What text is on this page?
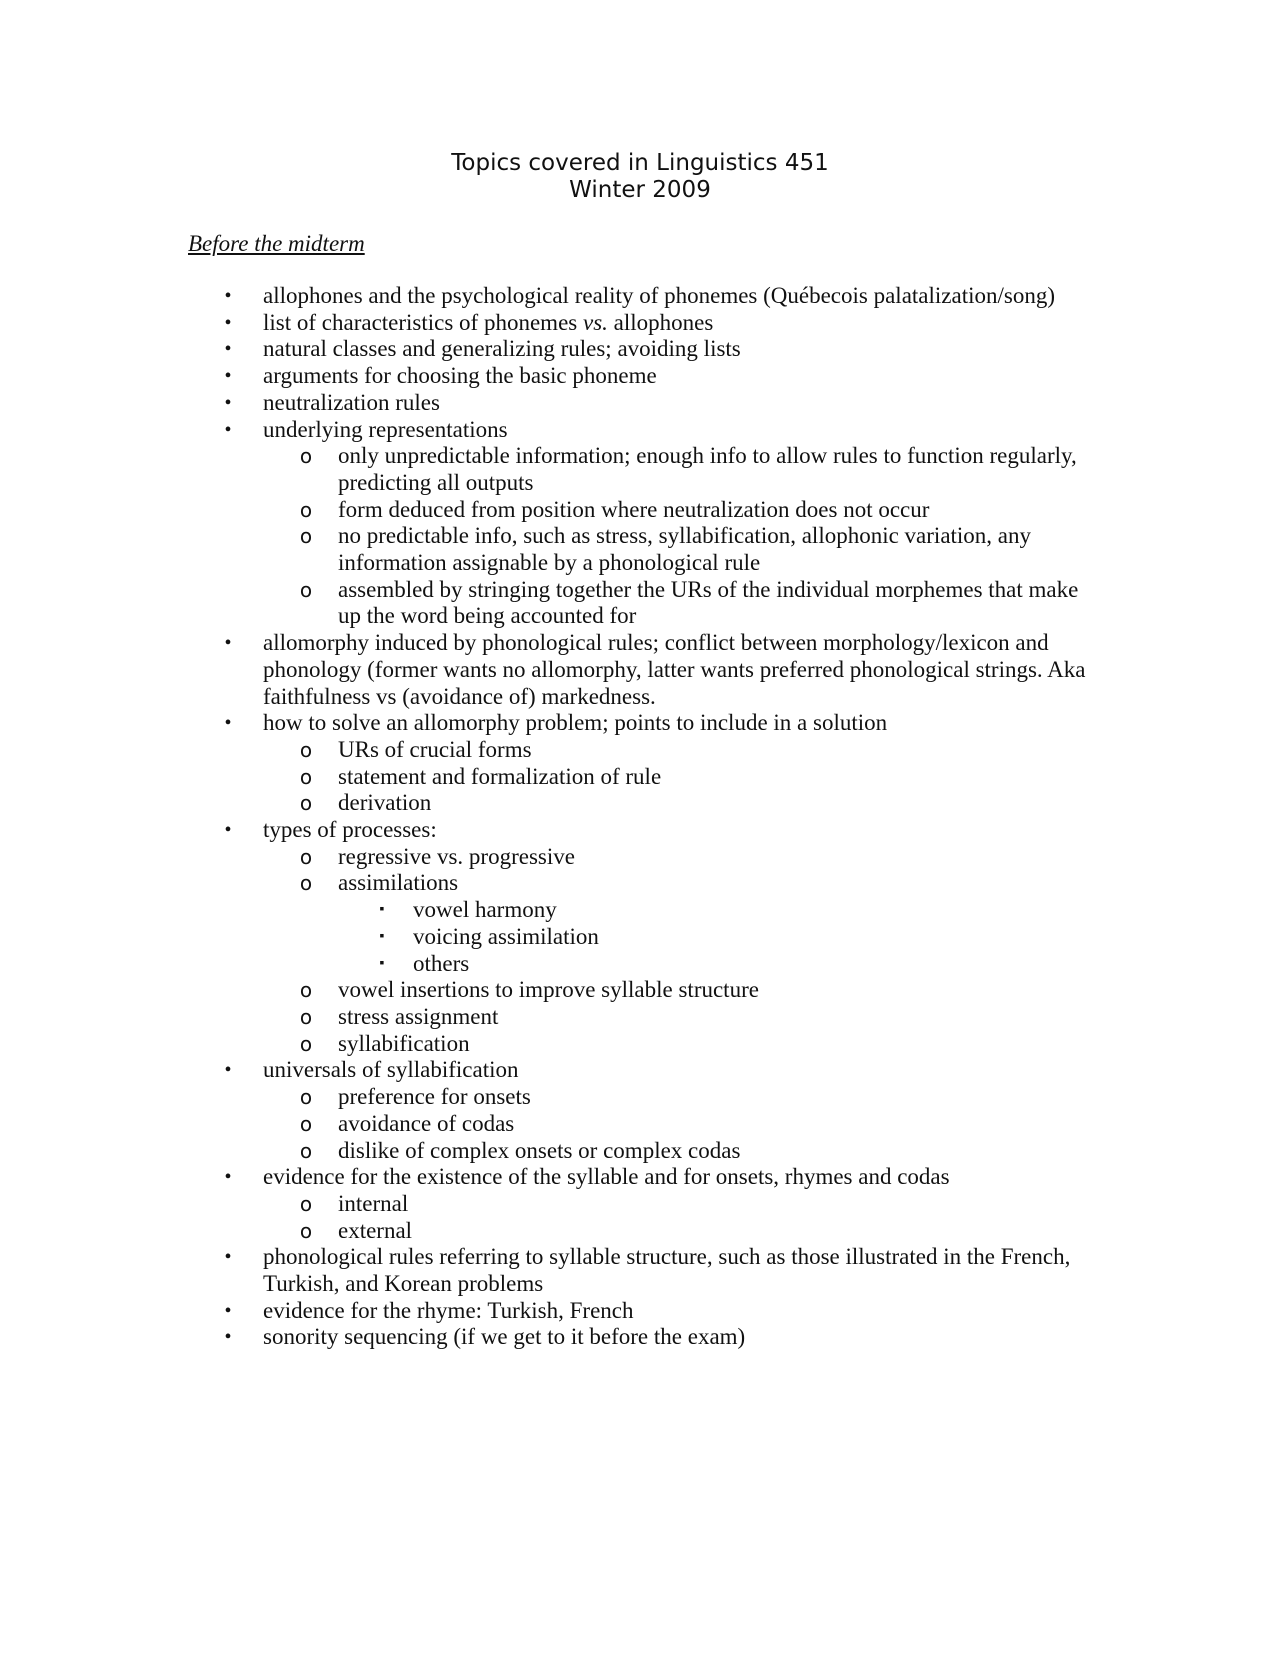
Topics covered in Linguistics 451
Winter 2009
Before the midterm
•	allophones and the psychological reality of phonemes (Québecois palatalization/song)
•	list of characteristics of phonemes vs. allophones
•	natural classes and generalizing rules; avoiding lists
•	arguments for choosing the basic phoneme
•	neutralization rules
•	underlying representations
o only unpredictable information; enough info to allow rules to function regularly, predicting all outputs
o form deduced from position where neutralization does not occur
o no predictable info, such as stress, syllabification, allophonic variation, any information assignable by a phonological rule
o assembled by stringing together the URs of the individual morphemes that make up the word being accounted for
•	allomorphy induced by phonological rules; conflict between morphology/lexicon and phonology (former wants no allomorphy, latter wants preferred phonological strings. Aka faithfulness vs (avoidance of) markedness.
•	how to solve an allomorphy problem; points to include in a solution
o URs of crucial forms
o statement and formalization of rule
o derivation
•	types of processes:
o regressive vs. progressive
o assimilations
▪	vowel harmony
▪	voicing assimilation
▪	others
o vowel insertions to improve syllable structure
o stress assignment
o syllabification
•	universals of syllabification
o preference for onsets
o avoidance of codas
o dislike of complex onsets or complex codas
•	evidence for the existence of the syllable and for onsets, rhymes and codas
o internal
o external
•	phonological rules referring to syllable structure, such as those illustrated in the French, Turkish, and Korean problems
•	evidence for the rhyme: Turkish, French
•	sonority sequencing (if we get to it before the exam)
